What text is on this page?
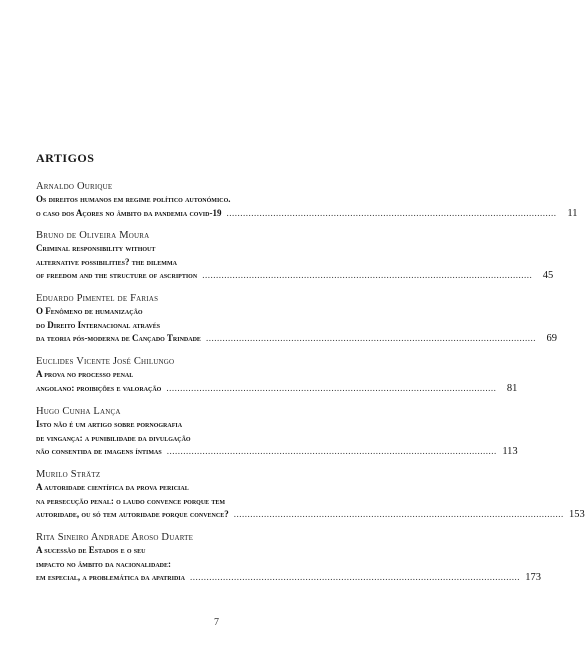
ARTIGOS
Arnaldo Ourique
Os direitos humanos em regime político autonómico.
o caso dos Açores no âmbito da pandemia covid-19 ........................................................................................................................	11
Bruno de Oliveira Moura
Criminal responsibility without
alternative possibilities? the dilemma
of freedom and the structure of ascription ........................................................................................................................	45
Eduardo Pimentel de Farias
O Fenômeno de humanização
do Direito Internacional através
da teoria pós-moderna de Cançado Trindade ........................................................................................................................	69
Euclides Vicente José Chilungo
A prova no processo penal
angolano: proibições e valoração ........................................................................................................................	81
Hugo Cunha Lança
Isto não é um artigo sobre pornografia
de vingança: a punibilidade da divulgação
não consentida de imagens íntimas ........................................................................................................................ 113
Murilo Strätz
A autoridade científica da prova pericial
na persecução penal: o laudo convence porque tem
autoridade, ou só tem autoridade porque convence? ........................................................................................................................ 153
Rita Sineiro Andrade Aroso Duarte
A sucessão de Estados e o seu
impacto no âmbito da nacionalidade:
em especial, a problemática da apatridia ........................................................................................................................ 173
7
